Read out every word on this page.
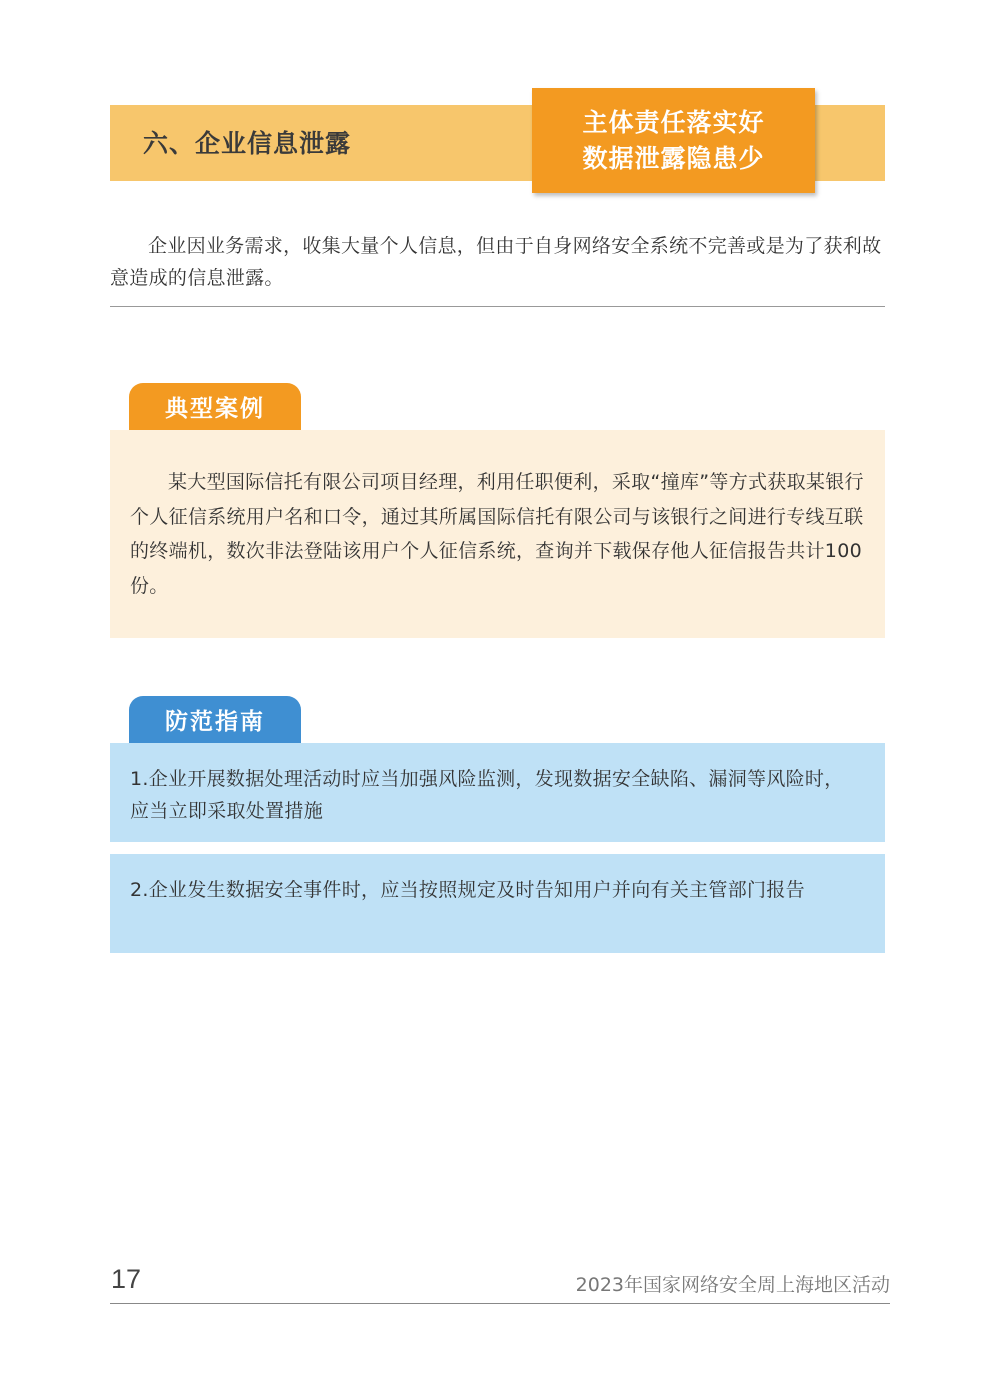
六、企业信息泄露
主体责任落实好
数据泄露隐患少
企业因业务需求，收集大量个人信息，但由于自身网络安全系统不完善或是为了获利故意造成的信息泄露。
典型案例
某大型国际信托有限公司项目经理，利用任职便利，采取“撞库”等方式获取某银行个人征信系统用户名和口令，通过其所属国际信托有限公司与该银行之间进行专线互联的终端机，数次非法登陆该用户个人征信系统，查询并下载保存他人征信报告共计100份。
防范指南
1.企业开展数据处理活动时应当加强风险监测，发现数据安全缺陷、漏洞等风险时，应当立即采取处置措施
2.企业发生数据安全事件时，应当按照规定及时告知用户并向有关主管部门报告
17	2023年国家网络安全周上海地区活动
